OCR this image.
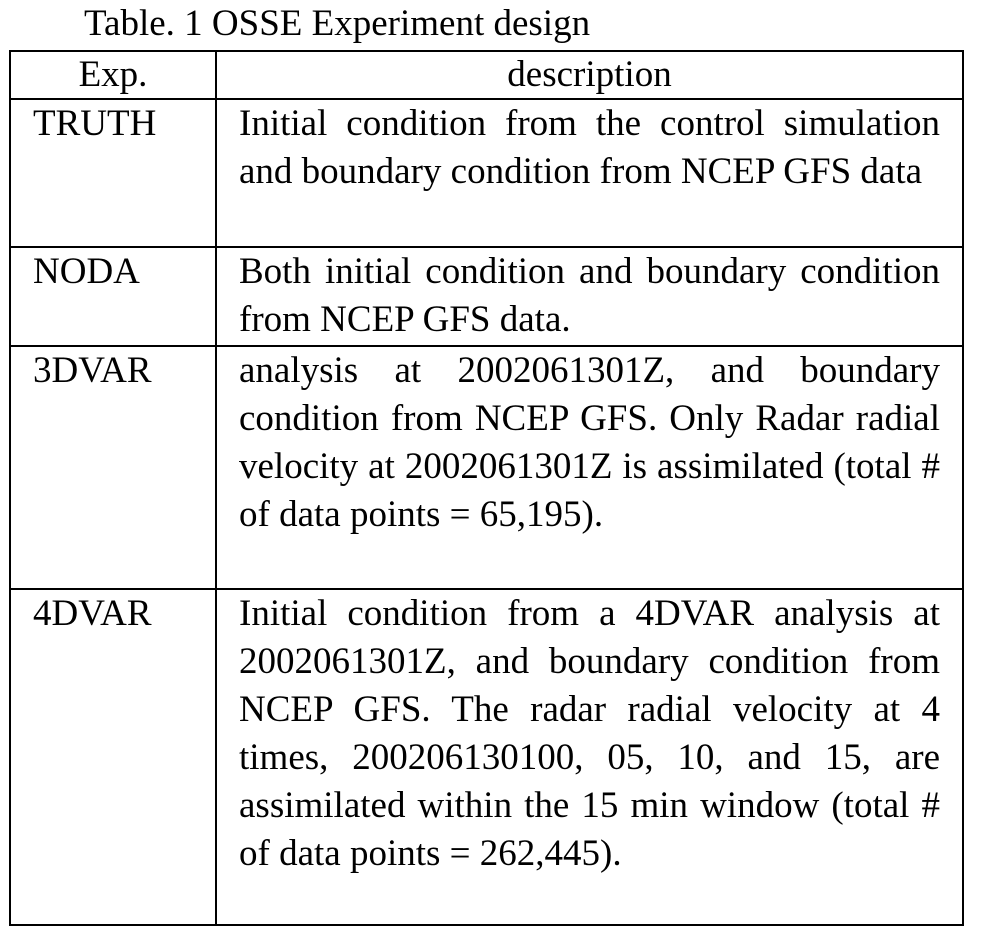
Table. 1 OSSE Experiment design
Exp.	description
TRUTH	Initial condition from the control simulation and boundary condition from NCEP GFS data
NODA	Both initial condition and boundary condition from NCEP GFS data.
3DVAR	analysis at 2002061301Z, and boundary condition from NCEP GFS. Only Radar radial velocity at 2002061301Z is assimilated (total # of data points = 65,195).
4DVAR	Initial condition from a 4DVAR analysis at 2002061301Z, and boundary condition from NCEP GFS. The radar radial velocity at 4 times, 200206130100, 05, 10, and 15, are assimilated within the 15 min window (total # of data points = 262,445).
